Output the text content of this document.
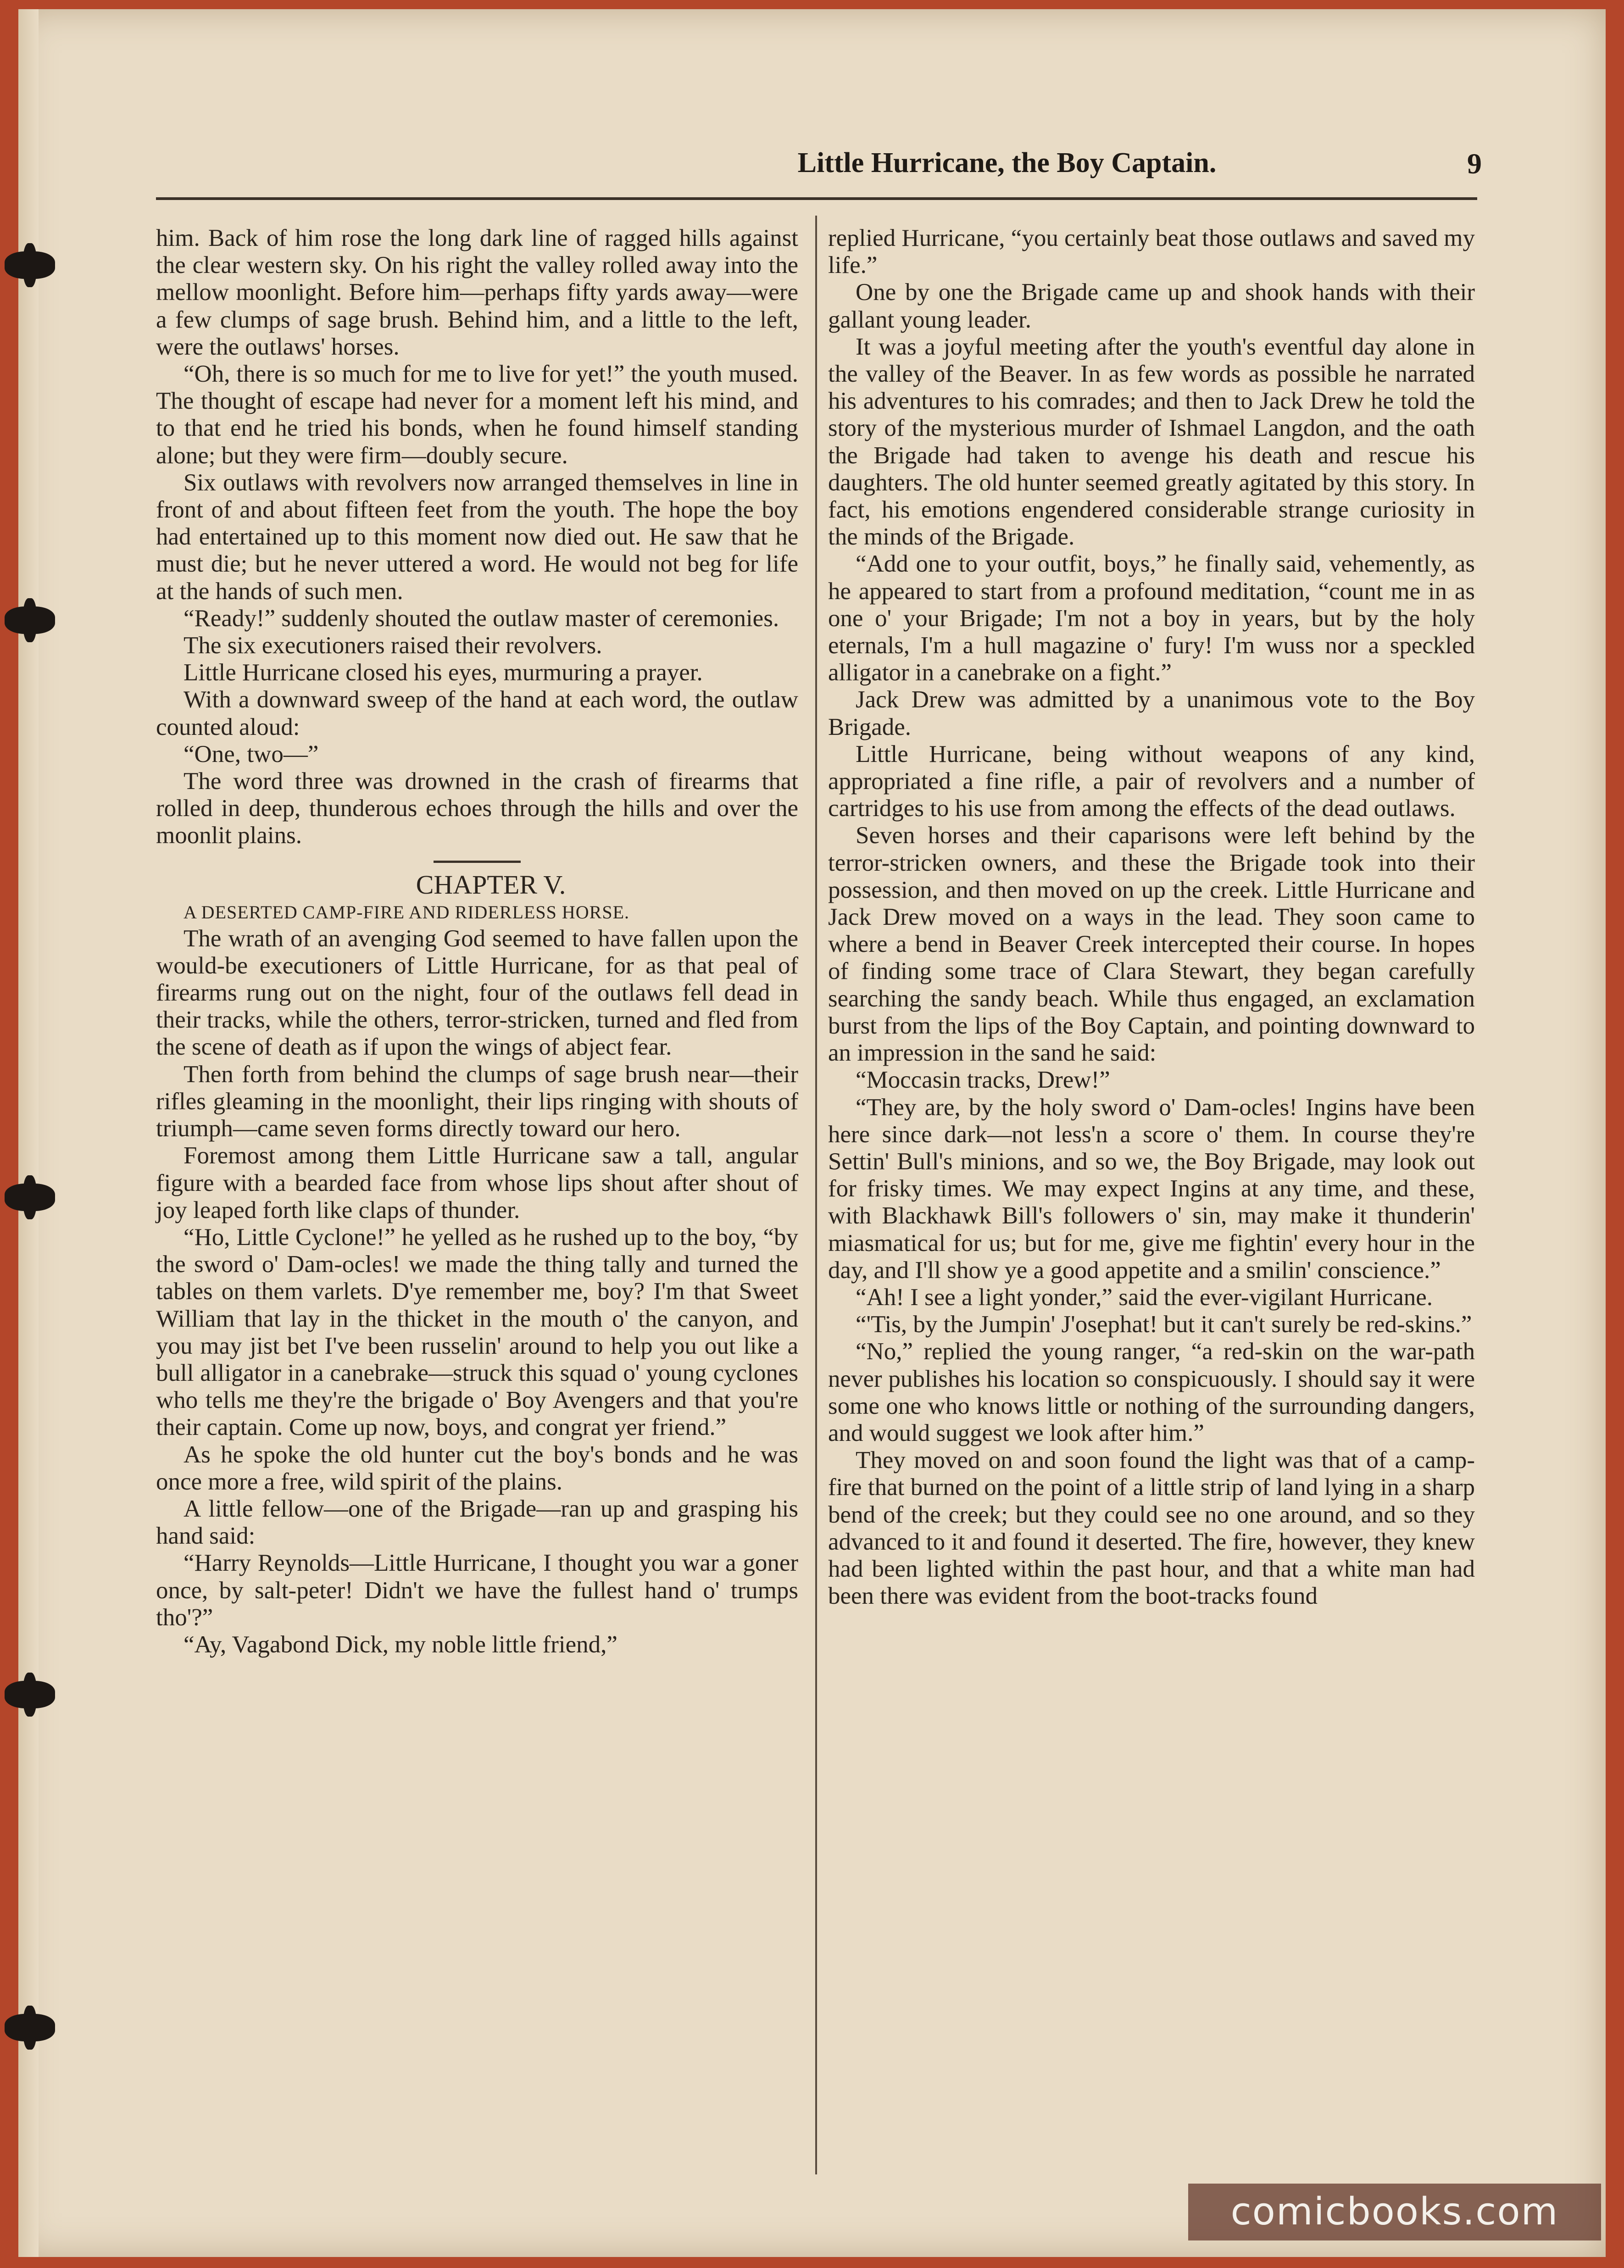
Little Hurricane, the Boy Captain.	9

him. Back of him rose the long dark line of ragged hills against the clear western sky. On his right the valley rolled away into the mellow moonlight. Before him—perhaps fifty yards away—were a few clumps of sage brush. Behind him, and a little to the left, were the outlaws' horses.

“Oh, there is so much for me to live for yet!” the youth mused. The thought of escape had never for a moment left his mind, and to that end he tried his bonds, when he found himself standing alone; but they were firm—doubly secure.

Six outlaws with revolvers now arranged themselves in line in front of and about fifteen feet from the youth. The hope the boy had entertained up to this moment now died out. He saw that he must die; but he never uttered a word. He would not beg for life at the hands of such men.

“Ready!” suddenly shouted the outlaw master of ceremonies.

The six executioners raised their revolvers.

Little Hurricane closed his eyes, murmuring a prayer.

With a downward sweep of the hand at each word, the outlaw counted aloud:

“One, two—”

The word three was drowned in the crash of firearms that rolled in deep, thunderous echoes through the hills and over the moonlit plains.

CHAPTER V.

A DESERTED CAMP-FIRE AND RIDERLESS HORSE.

The wrath of an avenging God seemed to have fallen upon the would-be executioners of Little Hurricane, for as that peal of firearms rung out on the night, four of the outlaws fell dead in their tracks, while the others, terror-stricken, turned and fled from the scene of death as if upon the wings of abject fear.

Then forth from behind the clumps of sage brush near—their rifles gleaming in the moonlight, their lips ringing with shouts of triumph—came seven forms directly toward our hero.

Foremost among them Little Hurricane saw a tall, angular figure with a bearded face from whose lips shout after shout of joy leaped forth like claps of thunder.

“Ho, Little Cyclone!” he yelled as he rushed up to the boy, “by the sword o' Dam-ocles! we made the thing tally and turned the tables on them varlets. D'ye remember me, boy? I'm that Sweet William that lay in the thicket in the mouth o' the canyon, and you may jist bet I've been russelin' around to help you out like a bull alligator in a canebrake—struck this squad o' young cyclones who tells me they're the brigade o' Boy Avengers and that you're their captain. Come up now, boys, and congrat yer friend.”

As he spoke the old hunter cut the boy's bonds and he was once more a free, wild spirit of the plains.

A little fellow—one of the Brigade—ran up and grasping his hand said:

“Harry Reynolds—Little Hurricane, I thought you war a goner once, by salt-peter! Didn't we have the fullest hand o' trumps tho'?”

“Ay, Vagabond Dick, my noble little friend,”

replied Hurricane, “you certainly beat those outlaws and saved my life.”

One by one the Brigade came up and shook hands with their gallant young leader.

It was a joyful meeting after the youth's eventful day alone in the valley of the Beaver. In as few words as possible he narrated his adventures to his comrades; and then to Jack Drew he told the story of the mysterious murder of Ishmael Langdon, and the oath the Brigade had taken to avenge his death and rescue his daughters. The old hunter seemed greatly agitated by this story. In fact, his emotions engendered considerable strange curiosity in the minds of the Brigade.

“Add one to your outfit, boys,” he finally said, vehemently, as he appeared to start from a profound meditation, “count me in as one o' your Brigade; I'm not a boy in years, but by the holy eternals, I'm a hull magazine o' fury! I'm wuss nor a speckled alligator in a canebrake on a fight.”

Jack Drew was admitted by a unanimous vote to the Boy Brigade.

Little Hurricane, being without weapons of any kind, appropriated a fine rifle, a pair of revolvers and a number of cartridges to his use from among the effects of the dead outlaws.

Seven horses and their caparisons were left behind by the terror-stricken owners, and these the Brigade took into their possession, and then moved on up the creek. Little Hurricane and Jack Drew moved on a ways in the lead. They soon came to where a bend in Beaver Creek intercepted their course. In hopes of finding some trace of Clara Stewart, they began carefully searching the sandy beach. While thus engaged, an exclamation burst from the lips of the Boy Captain, and pointing downward to an impression in the sand he said:

“Moccasin tracks, Drew!”

“They are, by the holy sword o' Dam-ocles! Ingins have been here since dark—not less'n a score o' them. In course they're Settin' Bull's minions, and so we, the Boy Brigade, may look out for frisky times. We may expect Ingins at any time, and these, with Blackhawk Bill's followers o' sin, may make it thunderin' miasmatical for us; but for me, give me fightin' every hour in the day, and I'll show ye a good appetite and a smilin' conscience.”

“Ah! I see a light yonder,” said the ever-vigilant Hurricane.

“'Tis, by the Jumpin' J'osephat! but it can't surely be red-skins.”

“No,” replied the young ranger, “a red-skin on the war-path never publishes his location so conspicuously. I should say it were some one who knows little or nothing of the surrounding dangers, and would suggest we look after him.”

They moved on and soon found the light was that of a camp-fire that burned on the point of a little strip of land lying in a sharp bend of the creek; but they could see no one around, and so they advanced to it and found it deserted. The fire, however, they knew had been lighted within the past hour, and that a white man had been there was evident from the boot-tracks found

comicbooks.com
